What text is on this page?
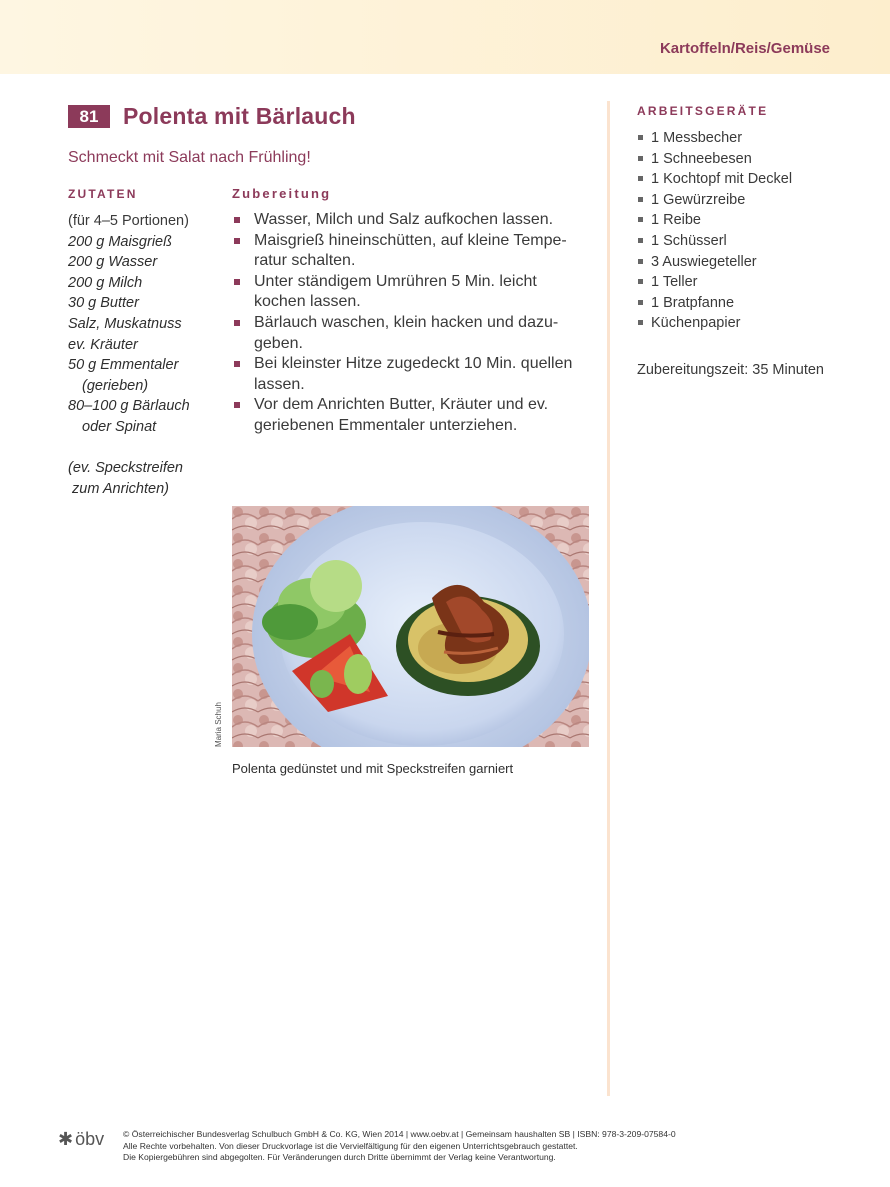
Kartoffeln/Reis/Gemüse
81	Polenta mit Bärlauch
Schmeckt mit Salat nach Frühling!
ZUTATEN
(für 4–5 Portionen)
200 g Maisgrieß
200 g Wasser
200 g Milch
30 g Butter
Salz, Muskatnuss
ev. Kräuter
50 g Emmentaler
(gerieben)
80–100 g Bärlauch
oder Spinat
(ev. Speckstreifen
zum Anrichten)
Zubereitung
Wasser, Milch und Salz aufkochen lassen.
Maisgrieß hineinschütten, auf kleine Tempe-
ratur schalten.
Unter ständigem Umrühren 5 Min. leicht
kochen lassen.
Bärlauch waschen, klein hacken und dazu-
geben.
Bei kleinster Hitze zugedeckt 10 Min. quellen
lassen.
Vor dem Anrichten Butter, Kräuter und ev.
geriebenen Emmentaler unterziehen.
Maria Schuh
Polenta gedünstet und mit Speckstreifen garniert
ARBEITSGERÄTE
1 Messbecher
1 Schneebesen
1 Kochtopf mit Deckel
1 Gewürzreibe
1 Reibe
1 Schüsserl
3 Auswiegeteller
1 Teller
1 Bratpfanne
Küchenpapier
Zubereitungszeit: 35 Minuten
✱ öbv © Österreichischer Bundesverlag Schulbuch GmbH & Co. KG, Wien 2014 | www.oebv.at | Gemeinsam haushalten SB | ISBN: 978-3-209-07584-0
Alle Rechte vorbehalten. Von dieser Druckvorlage ist die Vervielfältigung für den eigenen Unterrichtsgebrauch gestattet.
Die Kopiergebühren sind abgegolten. Für Veränderungen durch Dritte übernimmt der Verlag keine Verantwortung.
